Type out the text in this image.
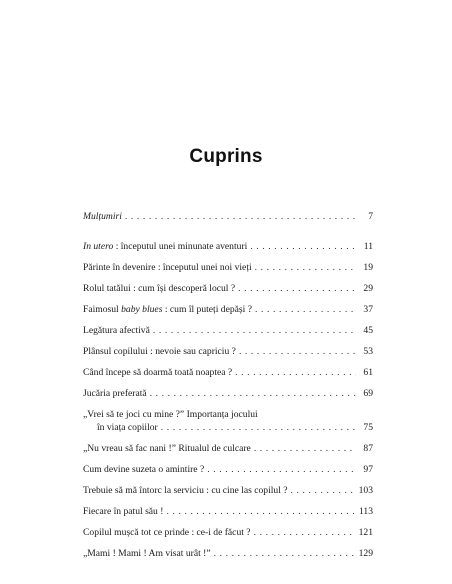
Cuprins
Mulțumiri . . .	7
In utero : începutul unei minunate aventuri . . .	11
Părinte în devenire : începutul unei noi vieți . . .	19
Rolul tatălui : cum își descoperă locul ? . . .	29
Faimosul baby blues : cum îl puteți depăși ? . . .	37
Legătura afectivă . . .	45
Plânsul copilului : nevoie sau capriciu ? . . .	53
Când începe să doarmă toată noaptea ? . . .	61
Jucăria preferată . . .	69
„Vrei să te joci cu mine ?” Importanța jocului
în viața copiilor . . .	75
„Nu vreau să fac nani !” Ritualul de culcare . . .	87
Cum devine suzeta o amintire ? . . .	97
Trebuie să mă întorc la serviciu : cu cine las copilul ? . . .	103
Fiecare în patul său ! . . .	113
Copilul mușcă tot ce prinde : ce-i de făcut ? . . .	121
„Mami ! Mami ! Am visat urât !” . . .	129
